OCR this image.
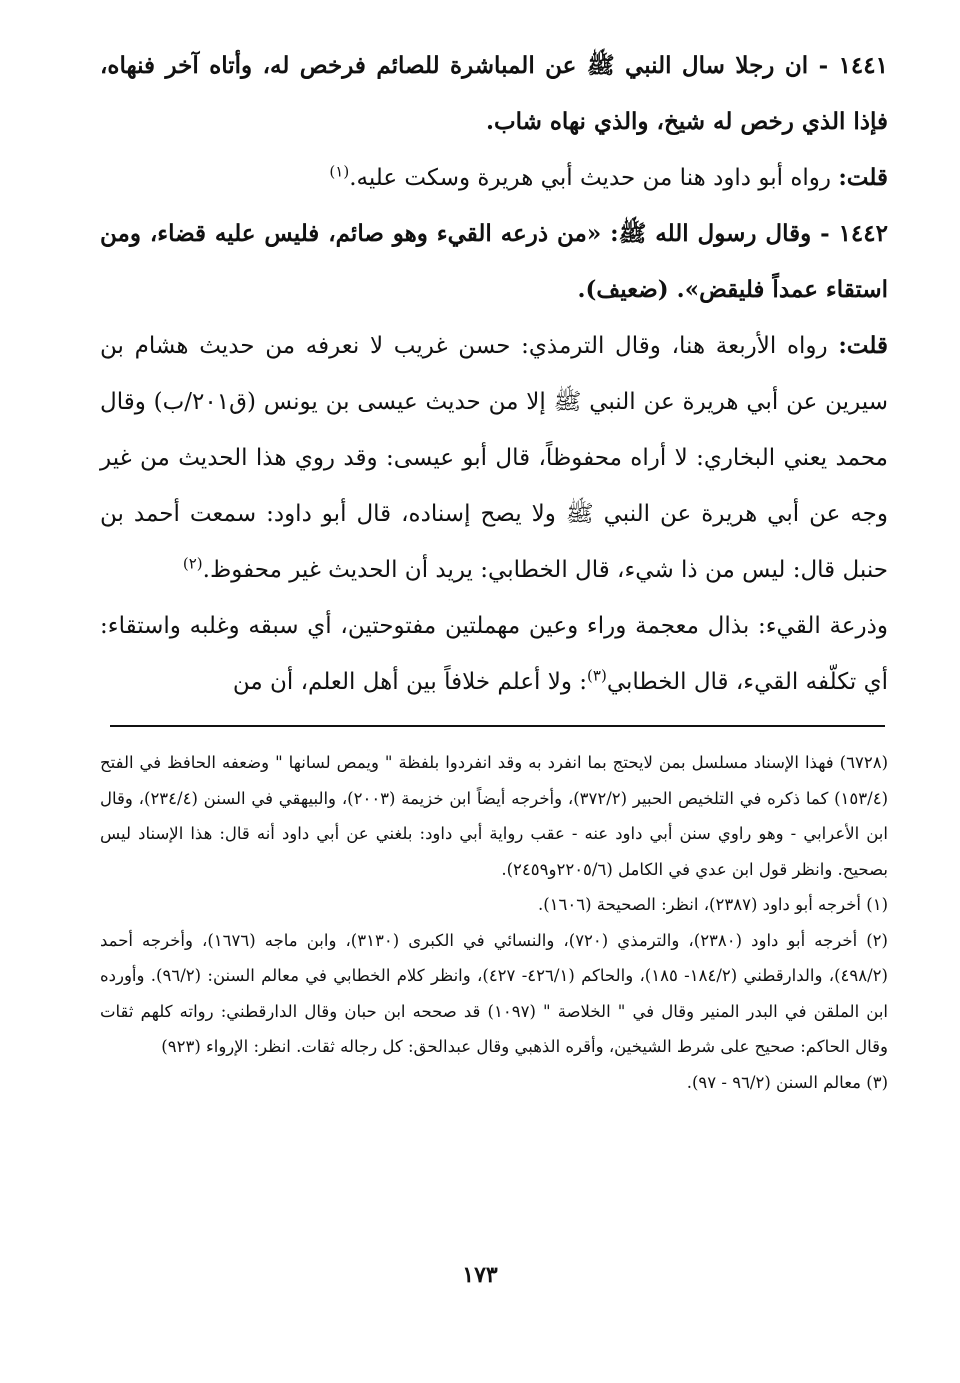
١٤٤١ - ان رجلا سال النبي ﷺ عن المباشرة للصائم فرخص له، وأتاه آخر فنهاه، فإذا الذي رخص له شيخ، والذي نهاه شاب.

قلت: رواه أبو داود هنا من حديث أبي هريرة وسكت عليه.$^{(١)}$

١٤٤٢ - وقال رسول الله ﷺ: «من ذرعه القيء وهو صائم، فليس عليه قضاء، ومن استقاء عمداً فليقض». (ضعيف).

قلت: رواه الأربعة هنا، وقال الترمذي: حسن غريب لا نعرفه من حديث هشام بن سيرين عن أبي هريرة عن النبي ﷺ إلا من حديث عيسى بن يونس (ق٢٠١/ب) وقال محمد يعني البخاري: لا أراه محفوظاً، قال أبو عيسى: وقد روي هذا الحديث من غير وجه عن أبي هريرة عن النبي ﷺ ولا يصح إسناده، قال أبو داود: سمعت أحمد بن حنبل قال: ليس من ذا شيء، قال الخطابي: يريد أن الحديث غير محفوظ.$^{(٢)}$

وذرعة القيء: بذال معجمة وراء وعين مهملتين مفتوحتين، أي سبقه وغلبه واستقاء: أي تكلّفه القيء، قال الخطابي$^{(٣)}$: ولا أعلم خلافاً بين أهل العلم، أن من

(٦٧٢٨) فهذا الإسناد مسلسل بمن لايحتج بما انفرد به وقد انفردوا بلفظة " ويمص لسانها " وضعفه الحافظ في الفتح (١٥٣/٤) كما ذكره في التلخيص الحبير (٣٧٢/٢)، وأخرجه أيضاً ابن خزيمة (٢٠٠٣)، والبيهقي في السنن (٢٣٤/٤)، وقال ابن الأعرابي - وهو راوي سنن أبي داود عنه - عقب رواية أبي داود: بلغني عن أبي داود أنه قال: هذا الإسناد ليس بصحيح. وانظر قول ابن عدي في الكامل (٢٢٠٥/٦و٢٤٥٩).

(١) أخرجه أبو داود (٢٣٨٧)، انظر: الصحيحة (١٦٠٦).

(٢) أخرجه أبو داود (٢٣٨٠)، والترمذي (٧٢٠)، والنسائي في الكبرى (٣١٣٠)، وابن ماجه (١٦٧٦)، وأخرجه أحمد (٤٩٨/٢)، والدارقطني (١٨٤/٢- ١٨٥)، والحاكم (٤٢٦/١- ٤٢٧)، وانظر كلام الخطابي في معالم السنن: (٩٦/٢). وأورده ابن الملقن في البدر المنير وقال في " الخلاصة " (١٠٩٧) قد صححه ابن حبان وقال الدارقطني: رواته كلهم ثقات وقال الحاكم: صحيح على شرط الشيخين، وأقره الذهبي وقال عبدالحق: كل رجاله ثقات. انظر: الإرواء (٩٢٣)

(٣) معالم السنن (٩٦/٢ - ٩٧).

١٧٣
